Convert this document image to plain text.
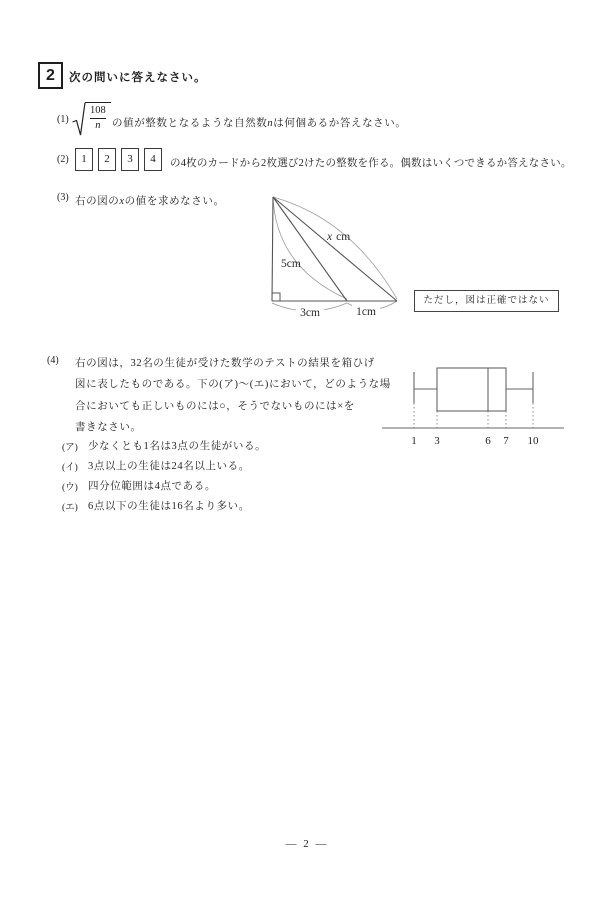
2	次の問いに答えなさい。
(1)
108
n の値が整数となるような自然数nは何個あるか答えなさい。
(2)	1	2	3	4	の4枚のカードから2枚選び2けたの整数を作る。偶数はいくつできるか答えなさい。
(3) 右の図のxの値を求めなさい。
x cm
5cm
3cm	1cm
ただし，図は正確ではない
(4) 右の図は，32名の生徒が受けた数学のテストの結果を箱ひげ
図に表したものである。下の(ア)～(エ)において，どのような場
合においても正しいものには○，そうでないものには×を
書きなさい。
(ア) 少なくとも1名は3点の生徒がいる。
(イ) 3点以上の生徒は24名以上いる。
(ウ) 四分位範囲は4点である。
(エ) 6点以下の生徒は16名より多い。
1 3	6 7 10
— 2 —
